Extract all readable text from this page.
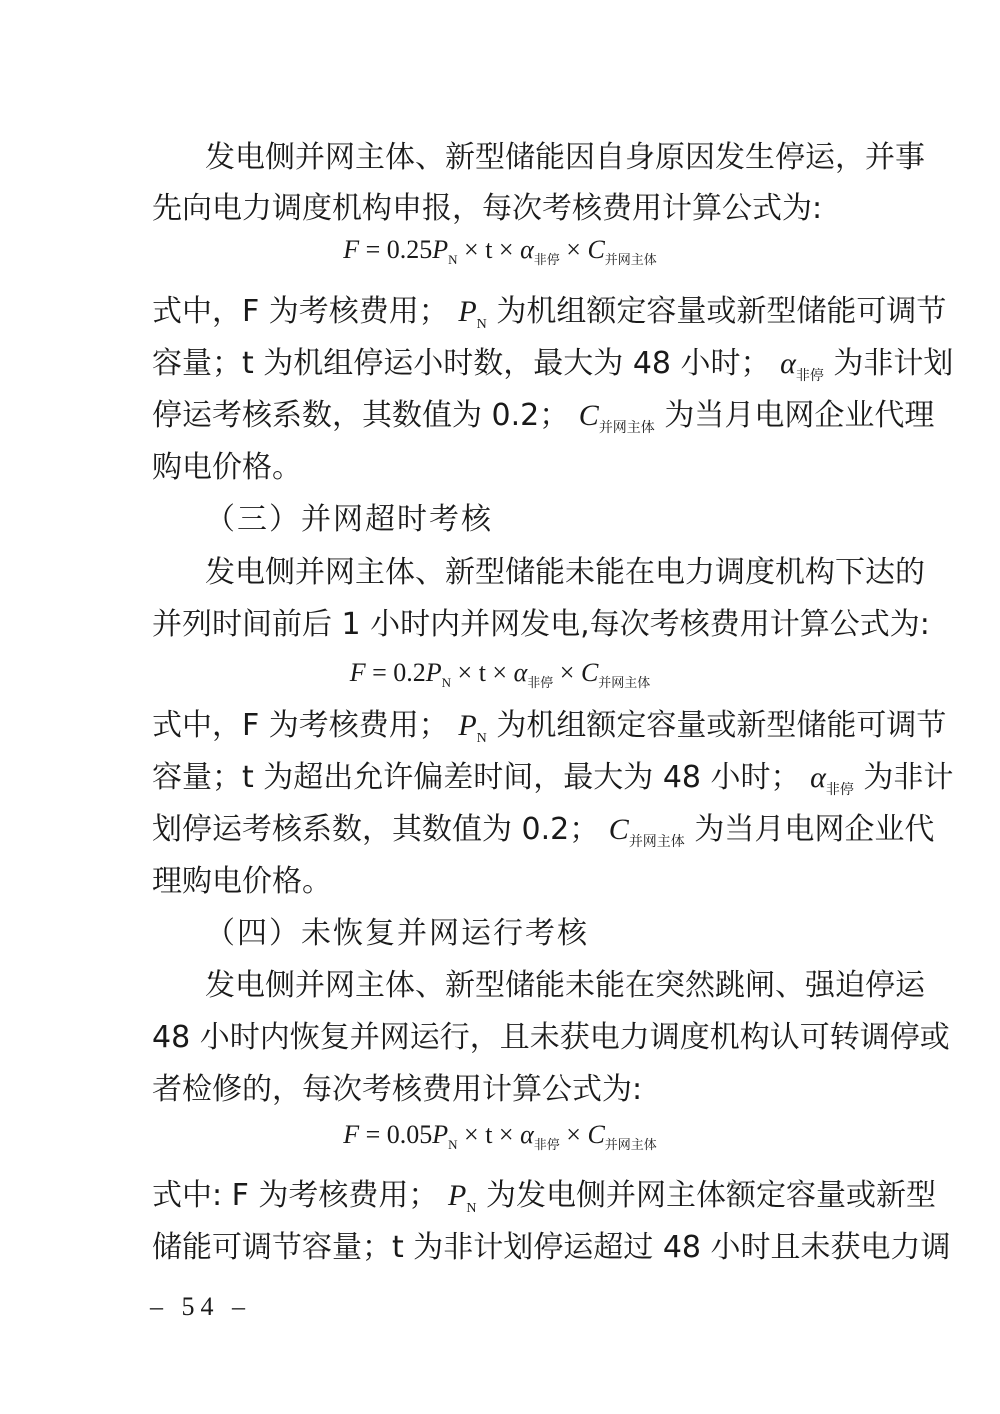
发电侧并网主体、新型储能因自身原因发生停运，并事
先向电力调度机构申报，每次考核费用计算公式为:
$F = 0.25P_N \times t \times \alpha_{非停} \times C_{并网主体}$
式中，F 为考核费用； $P_N$ 为机组额定容量或新型储能可调节
容量；t 为机组停运小时数，最大为 48 小时； $\alpha_{非停}$ 为非计划
停运考核系数，其数值为 0.2； $C_{并网主体}$ 为当月电网企业代理
购电价格。
（三）并网超时考核
发电侧并网主体、新型储能未能在电力调度机构下达的
并列时间前后 1 小时内并网发电,每次考核费用计算公式为:
$F = 0.2P_N \times t \times \alpha_{非停} \times C_{并网主体}$
式中，F 为考核费用； $P_N$ 为机组额定容量或新型储能可调节
容量；t 为超出允许偏差时间，最大为 48 小时； $\alpha_{非停}$ 为非计
划停运考核系数，其数值为 0.2； $C_{并网主体}$ 为当月电网企业代
理购电价格。
（四）未恢复并网运行考核
发电侧并网主体、新型储能未能在突然跳闸、强迫停运
48 小时内恢复并网运行，且未获电力调度机构认可转调停或
者检修的，每次考核费用计算公式为:
$F = 0.05P_N \times t \times \alpha_{非停} \times C_{并网主体}$
式中: F 为考核费用； $P_N$ 为发电侧并网主体额定容量或新型
储能可调节容量；t 为非计划停运超过 48 小时且未获电力调
– 54 –
